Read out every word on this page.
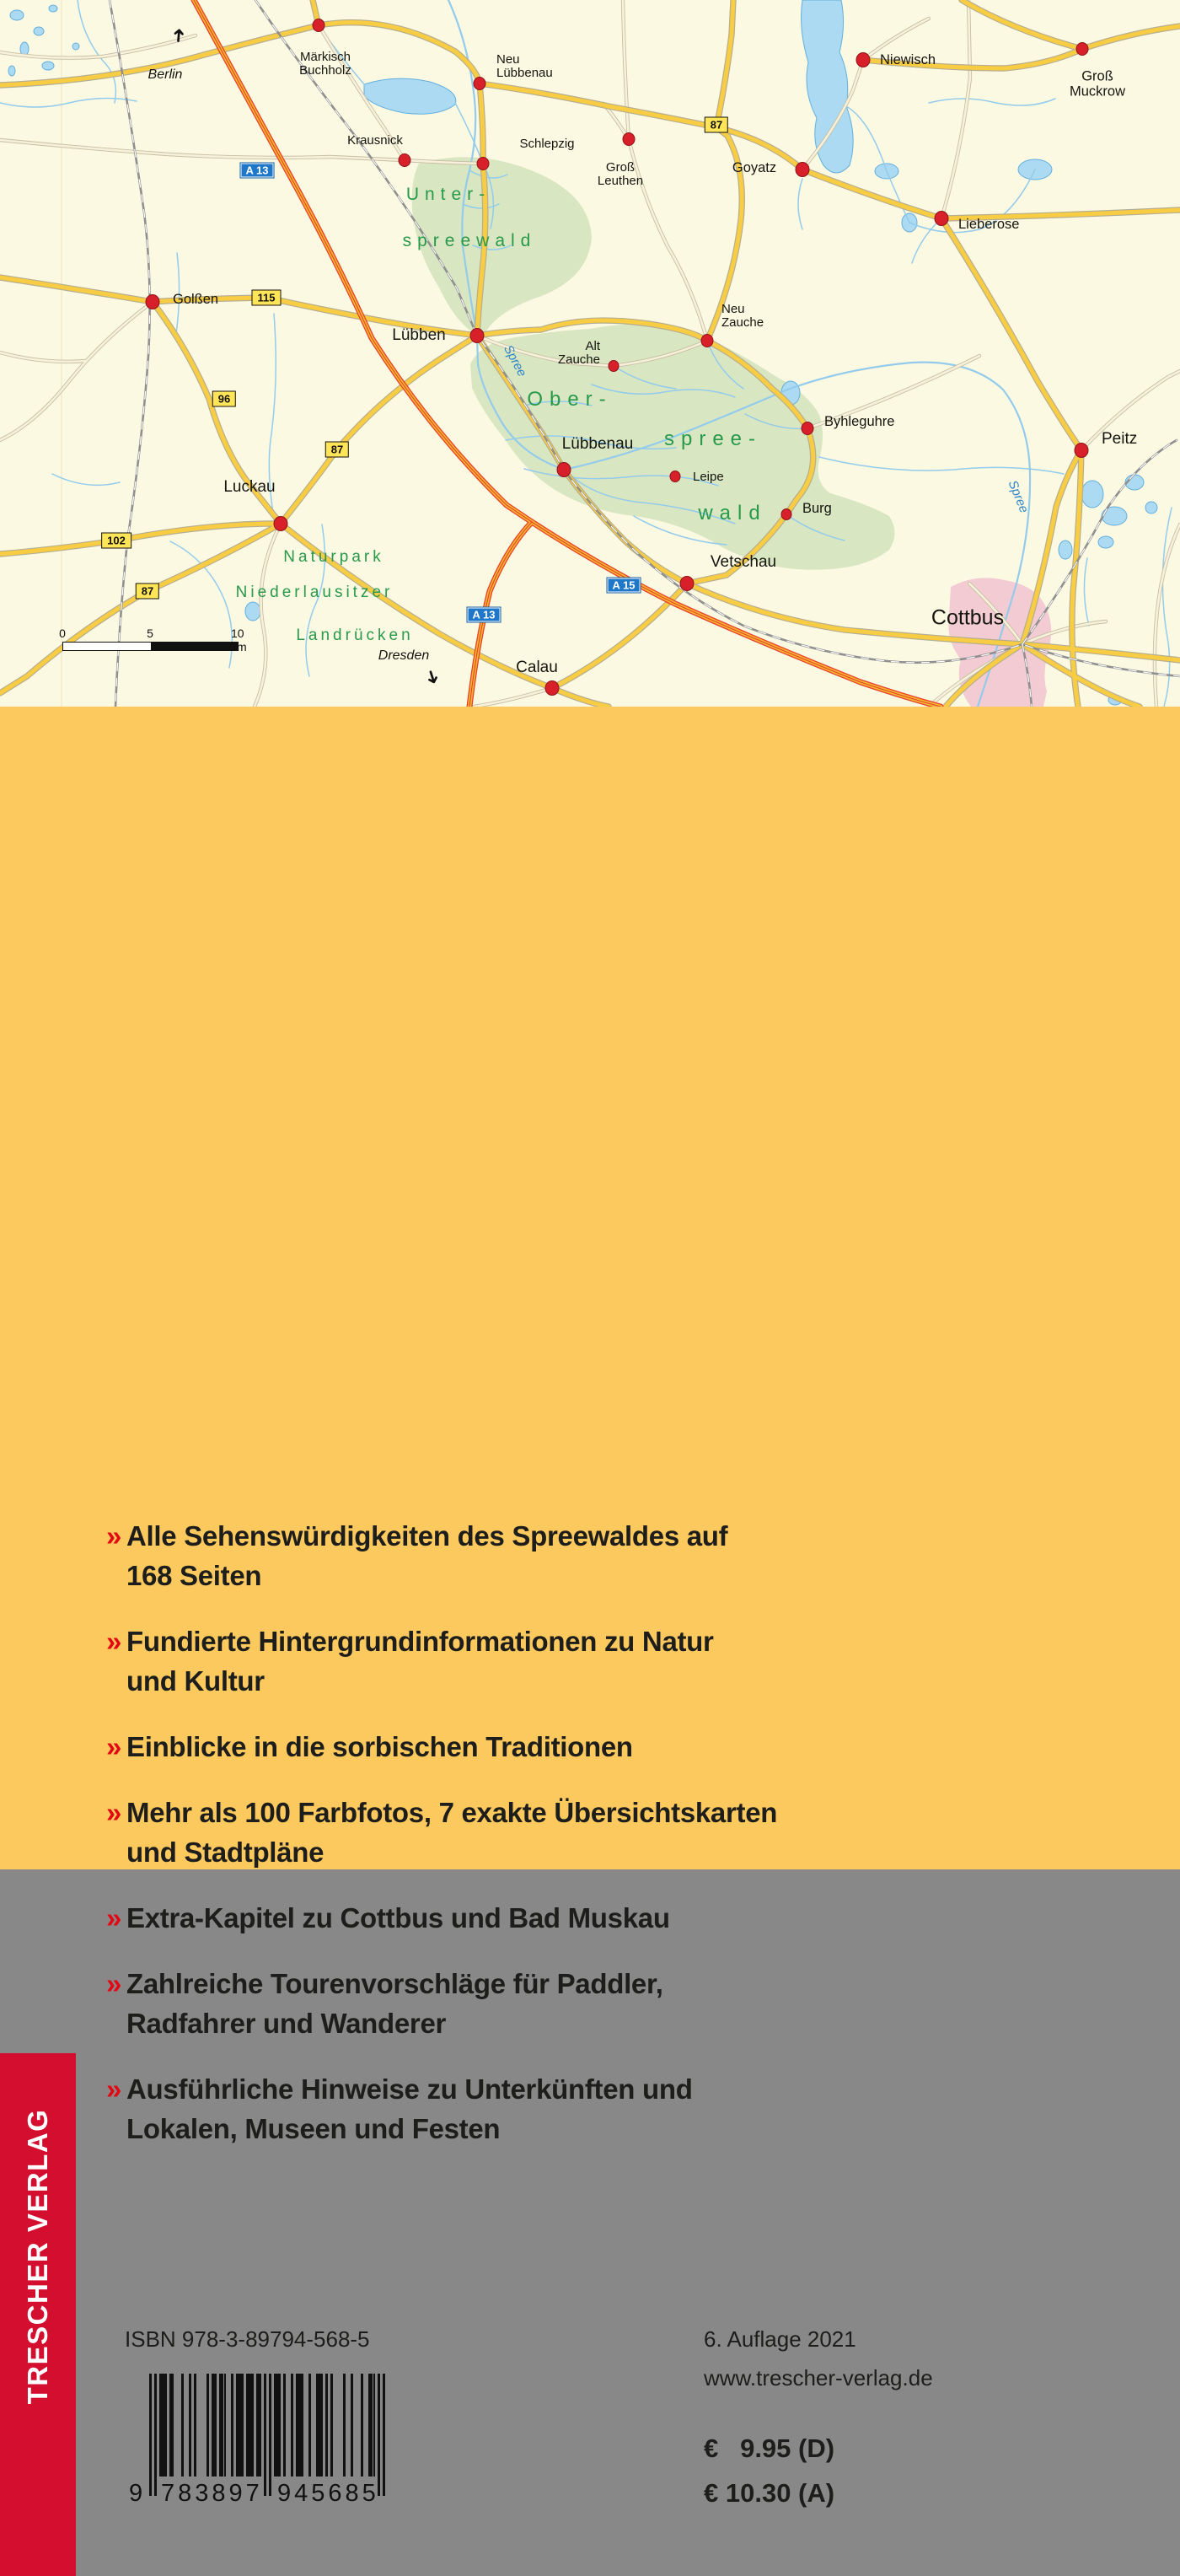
Märkisch
Buchholz
Neu
Lübbenau
Niewisch
Groß
Muckrow
Krausnick	Schlepzig
Groß
Leuthen
Goyatz
Lieberose
Golßen
Lübben
Alt
Zauche
Neu
Zauche
Byhleguhre
Peitz
Lübbenau
Leipe
Burg
Vetschau
Luckau
Calau
Cottbus
Unter-
spreewald
Ober-
spree-
wald
Naturpark
Niederlausitzer
Landrücken
Spree
Spree
115
96
87
87
102
87
A 13
A 13
A 15
Berlin
➜
Dresden
➜
0	5	10 km
» Alle Sehenswürdigkeiten des Spreewaldes auf
168 Seiten
» Fundierte Hintergrundinformationen zu Natur
und Kultur
» Einblicke in die sorbischen Traditionen
» Mehr als 100 Farbfotos, 7 exakte Übersichtskarten
und Stadtpläne
» Extra-Kapitel zu Cottbus und Bad Muskau
» Zahlreiche Tourenvorschläge für Paddler,
Radfahrer und Wanderer
» Ausführliche Hinweise zu Unterkünften und
Lokalen, Museen und Festen
TRESCHER VERLAG	ISBN 978-3-89794-568-5
9 783897 945685
6. Auflage 2021
www.trescher-verlag.de
€   9.95 (D)
€ 10.30 (A)
